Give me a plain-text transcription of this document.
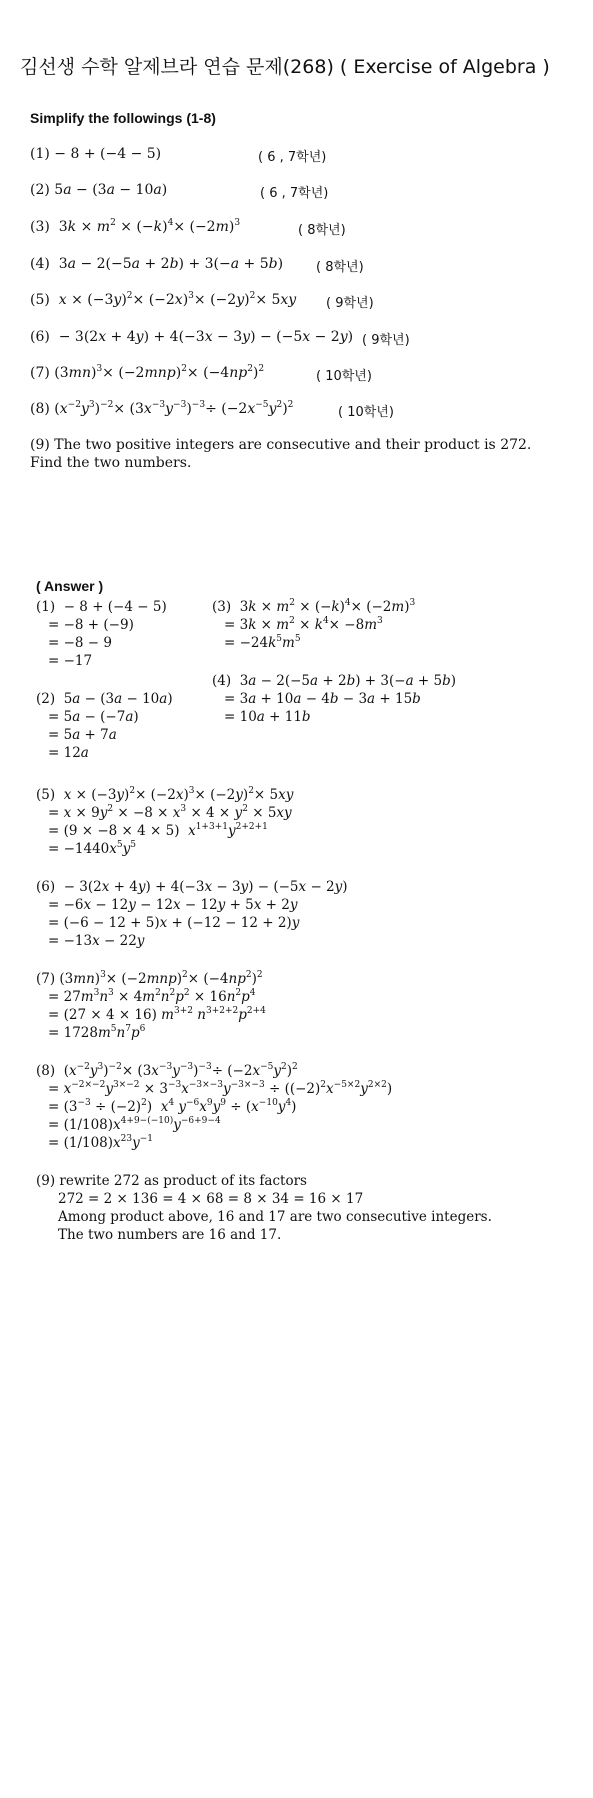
김선생 수학 알제브라 연습 문제(268) ( Exercise of Algebra )
Simplify the followings (1-8)
(1) − 8 + (−4 − 5)	( 6 , 7학년)
(2) 5a − (3a − 10a)	( 6 , 7학년)
(3)  $3k \times m^2 \times (-k)^4\times (-2m)^3$	( 8학년)
(4)  3a − 2(−5a + 2b) + 3(−a + 5b)	( 8학년)
(5) $x \times (-3y)^2\times (-2x)^3\times (-2y)^2\times 5xy$ ( 9학년)
(6)  − 3(2x + 4y) + 4(−3x − 3y) − (−5x − 2y) ( 9학년)
(7) $(3mn)^3\times (-2mnp)^2\times (-4np^2)^2$	( 10학년)
(8) $(x^{-2}y^3)^{-2}\times (3x^{-3}y^{-3})^{-3}\div (-2x^{-5}y^2)^2$	( 10학년)
(9) The two positive integers are consecutive and their product is 272.
Find the two numbers.
( Answer )
(1)  − 8 + (−4 − 5)
= −8 + (−9)
= −8 − 9
= −17
(3)  $3k \times m^2 \times (-k)^4\times (-2m)^3$
= $3k \times m^2 \times k^4\times -8m^3$
= $-24k^5m^5$
(4)  3a − 2(−5a + 2b) + 3(−a + 5b)
= 3a + 10a − 4b − 3a + 15b
= 10a + 11b
(2)  5a − (3a − 10a)
= 5a − (−7a)
= 5a + 7a
= 12a
(5)  $x \times (-3y)^2\times (-2x)^3\times (-2y)^2\times 5xy$
= $x \times 9y^2 \times -8 \times x^3 \times 4 \times y^2 \times 5xy$
= (9 × −8 × 4 × 5)  $x^{1+3+1}y^{2+2+1}$
= $-1440x^5y^5$
(6)  − 3(2x + 4y) + 4(−3x − 3y) − (−5x − 2y)
= −6x − 12y − 12x − 12y + 5x + 2y
= (−6 − 12 + 5)x + (−12 − 12 + 2)y
= −13x − 22y
(7) $(3mn)^3\times (-2mnp)^2\times (-4np^2)^2$
= $27m^3n^3 \times 4m^2n^2p^2 \times 16n^2p^4$
= (27 × 4 × 16) $m^{3+2}$ $n^{3+2+2}p^{2+4}$
= $1728m^5n^7p^6$
(8)  $(x^{-2}y^3)^{-2}\times (3x^{-3}y^{-3})^{-3}\div (-2x^{-5}y^2)^2$
= $x^{-2\times-2}y^{3\times-2} \times 3^{-3}x^{-3\times-3}y^{-3\times-3} \div ((-2)^2x^{-5\times 2}y^{2\times 2})$
= $(3^{-3} \div (-2)^2)$  $x^4$ $y^{-6}x^9y^9 \div (x^{-10}y^4)$
= $(1/108)x^{4+9-(-10)}y^{-6+9-4}$
= $(1/108)x^{23}y^{-1}$
(9) rewrite 272 as product of its factors
272 = 2 × 136 = 4 × 68 = 8 × 34 = 16 × 17
Among product above, 16 and 17 are two consecutive integers.
The two numbers are 16 and 17.
